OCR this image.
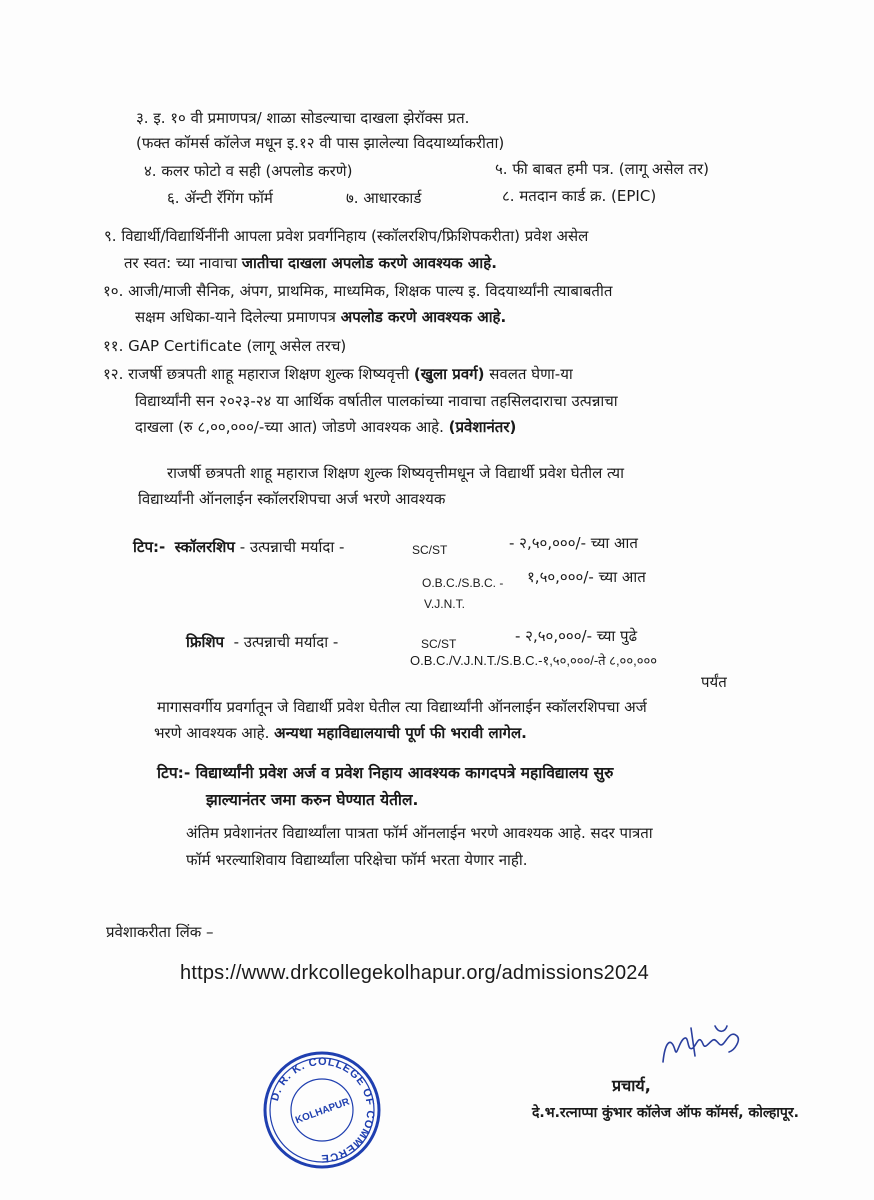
३. इ. १० वी प्रमाणपत्र/ शाळा सोडल्याचा दाखला झेरॉक्स प्रत.
(फक्त कॉमर्स कॉलेज मधून इ.१२ वी पास झालेल्या विदयार्थ्याकरीता)
४. कलर फोटो व सही (अपलोड करणे)	५. फी बाबत हमी पत्र. (लागू असेल तर)
६. ॲन्टी रॅगिंग फॉर्म	७. आधारकार्ड	८. मतदान कार्ड क्र. (EPIC)
९. विद्यार्थी/विद्यार्थिनींनी आपला प्रवेश प्रवर्गनिहाय (स्कॉलरशिप/फ्रिशिपकरीता) प्रवेश असेल
तर स्वत: च्या नावाचा जातीचा दाखला अपलोड करणे आवश्यक आहे.
१०. आजी/माजी सैनिक, अंपग, प्राथमिक, माध्यमिक, शिक्षक पाल्य इ. विदयार्थ्यांनी त्याबाबतीत
सक्षम अधिका-याने दिलेल्या प्रमाणपत्र अपलोड करणे आवश्यक आहे.
११. GAP Certificate (लागू असेल तरच)
१२. राजर्षी छत्रपती शाहू महाराज शिक्षण शुल्क शिष्यवृत्ती (खुला प्रवर्ग) सवलत घेणा-या
विद्यार्थ्यांनी सन २०२३-२४ या आर्थिक वर्षातील पालकांच्या नावाचा तहसिलदाराचा उत्पन्नाचा
दाखला (रु ८,००,०००/-च्या आत) जोडणे आवश्यक आहे. (प्रवेशानंतर)
राजर्षी छत्रपती शाहू महाराज शिक्षण शुल्क शिष्यवृत्तीमधून जे विद्यार्थी प्रवेश घेतील त्या
विद्यार्थ्यांनी ऑनलाईन स्कॉलरशिपचा अर्ज भरणे आवश्यक
टिप:- स्कॉलरशिप - उत्पन्नाची मर्यादा -	SC/ST	- २,५०,०००/- च्या आत
O.B.C./S.B.C. - १,५०,०००/- च्या आत
V.J.N.T.
फ्रिशिप - उत्पन्नाची मर्यादा -	SC/ST	- २,५०,०००/- च्या पुढे
O.B.C./V.J.N.T./S.B.C.-१,५०,०००/-ते ८,००,०००
पर्यंत
मागासवर्गीय प्रवर्गातून जे विद्यार्थी प्रवेश घेतील त्या विद्यार्थ्यांनी ऑनलाईन स्कॉलरशिपचा अर्ज
भरणे आवश्यक आहे. अन्यथा महाविद्यालयाची पूर्ण फी भरावी लागेल.
टिप:- विद्यार्थ्यांनी प्रवेश अर्ज व प्रवेश निहाय आवश्यक कागदपत्रे महाविद्यालय सुरु
झाल्यानंतर जमा करुन घेण्यात येतील.
अंतिम प्रवेशानंतर विद्यार्थ्यांला पात्रता फॉर्म ऑनलाईन भरणे आवश्यक आहे. सदर पात्रता
फॉर्म भरल्याशिवाय विद्यार्थ्यांला परिक्षेचा फॉर्म भरता येणार नाही.
प्रवेशाकरीता लिंक –
https://www.drkcollegekolhapur.org/admissions2024
D. R. K. COLLEGE OF COMMERCE
KOLHAPUR
प्रचार्य,
दे.भ.रत्नाप्पा कुंभार कॉलेज ऑफ कॉमर्स, कोल्हापूर.
